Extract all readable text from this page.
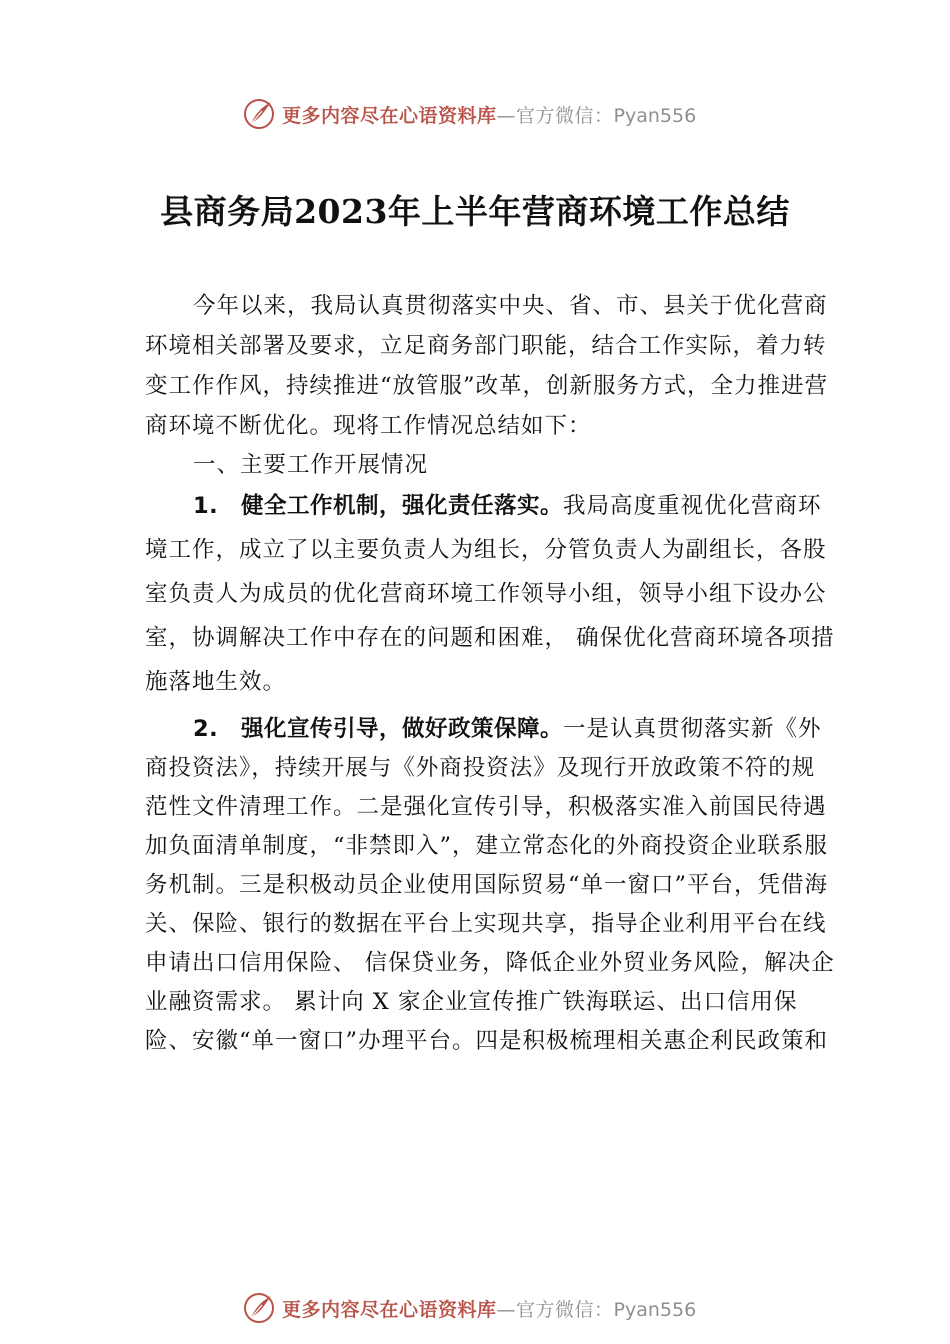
更多内容尽在心语资料库 —官方微信：Pyan556
县商务局2023年上半年营商环境工作总结

今年以来，我局认真贯彻落实中央、省、市、县关于优化营商环境相关部署及要求，立足商务部门职能，结合工作实际，着力转变工作作风，持续推进“放管服”改革，创新服务方式，全力推进营商环境不断优化。现将工作情况总结如下：

一、主要工作开展情况

1. 健全工作机制，强化责任落实。我局高度重视优化营商环境工作，成立了以主要负责人为组长，分管负责人为副组长，各股室负责人为成员的优化营商环境工作领导小组，领导小组下设办公室，协调解决工作中存在的问题和困难， 确保优化营商环境各项措施落地生效。

2. 强化宣传引导，做好政策保障。一是认真贯彻落实新《外商投资法》，持续开展与《外商投资法》及现行开放政策不符的规范性文件清理工作。二是强化宣传引导，积极落实准入前国民待遇加负面清单制度，“非禁即入”，建立常态化的外商投资企业联系服务机制。三是积极动员企业使用国际贸易“单一窗口”平台，凭借海关、保险、银行的数据在平台上实现共享，指导企业利用平台在线申请出口信用保险、 信保贷业务，降低企业外贸业务风险，解决企业融资需求。 累计向 X 家企业宣传推广铁海联运、出口信用保险、安徽“单一窗口”办理平台。四是积极梳理相关惠企利民政策和

更多内容尽在心语资料库 —官方微信：Pyan556
